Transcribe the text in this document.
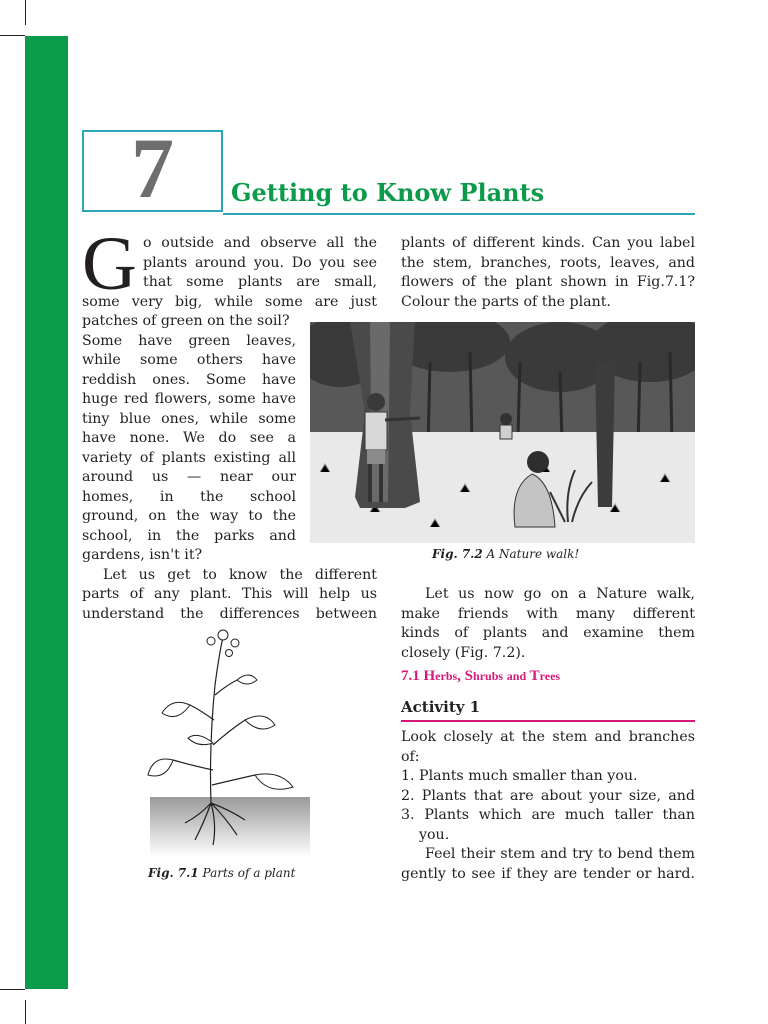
7	Getting to Know Plants
G o outside and observe all the
plants around you. Do you see
that some plants are small,
some very big, while some are just
patches of green on the soil?
Some have green leaves,
while some others have
reddish ones. Some have
huge red flowers, some have
tiny blue ones, while some
have none. We do see a
variety of plants existing all
around us — near our
homes, in the school
ground, on the way to the
school, in the parks and
gardens, isn't it?
Let us get to know the different
parts of any plant. This will help us
understand the differences between
plants of different kinds. Can you label
the stem, branches, roots, leaves, and
flowers of the plant shown in Fig.7.1?
Colour the parts of the plant.
Fig. 7.2 A Nature walk!
Let us now go on a Nature walk,
make friends with many different
kinds of plants and examine them
closely (Fig. 7.2).
7.1 Herbs, Shrubs and Trees
Activity 1
Look closely at the stem and branches
of:
1. Plants much smaller than you.
2. Plants that are about your size, and
3. Plants which are much taller than
you.
Feel their stem and try to bend them
gently to see if they are tender or hard.
Fig. 7.1 Parts of a plant
